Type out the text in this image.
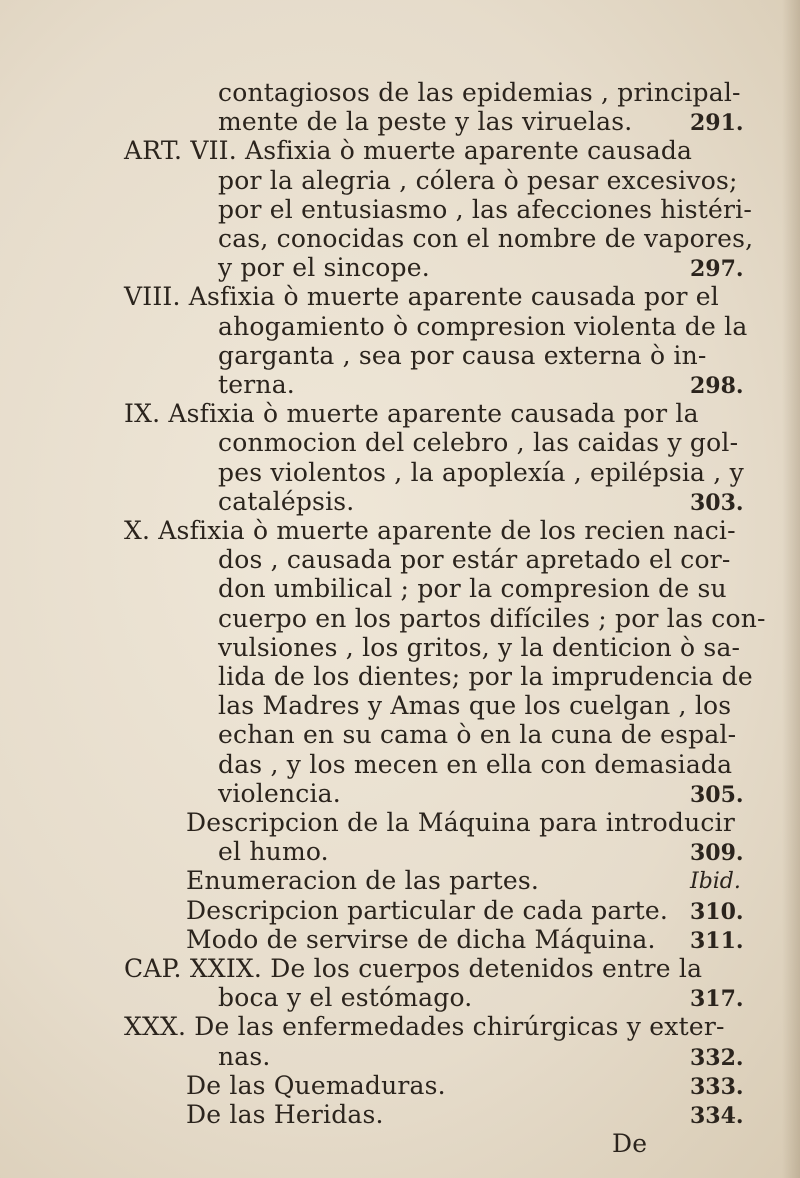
contagiosos de las epidemias , principal-
mente de la peste y las viruelas.
ART. VII. Asfixia ò muerte aparente causada
por la alegria , cólera ò pesar excesivos;
por el entusiasmo , las afecciones histéri-
cas, conocidas con el nombre de vapores,
y por el sincope.
VIII. Asfixia ò muerte aparente causada por el
ahogamiento ò compresion violenta de la
garganta , sea por causa externa ò in-
terna.
IX. Asfixia ò muerte aparente causada por la
conmocion del celebro , las caidas y gol-
pes violentos , la apoplexía , epilépsia , y
catalépsis.
X. Asfixia ò muerte aparente de los recien naci-
dos , causada por estár apretado el cor-
don umbilical ; por la compresion de su
cuerpo en los partos difíciles ; por las con-
vulsiones , los gritos, y la denticion ò sa-
lida de los dientes; por la imprudencia de
las Madres y Amas que los cuelgan , los
echan en su cama ò en la cuna de espal-
das , y los mecen en ella con demasiada
violencia.
Descripcion de la Máquina para introducir
el humo.
Enumeracion de las partes.
Descripcion particular de cada parte.
Modo de servirse de dicha Máquina.
CAP. XXIX. De los cuerpos detenidos entre la
boca y el estómago.
XXX. De las enfermedades chirúrgicas y exter-
nas.
De las Quemaduras.
De las Heridas.
De
291.
297.
298.
303.
305.
309.
Ibid.
310.
311.
317.
332.
333.
334.
